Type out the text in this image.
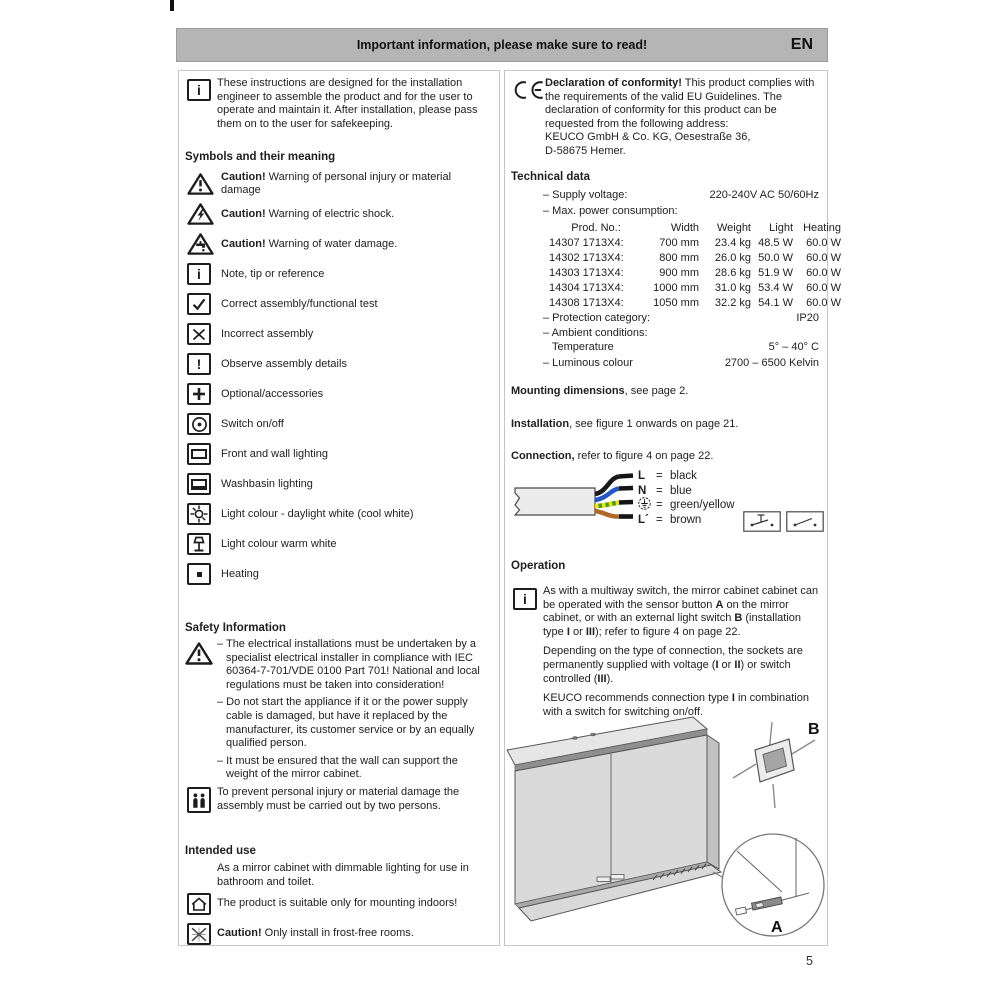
Important information, please make sure to read!	EN
i These instructions are designed for the installation engineer to assemble the product and for the user to operate and maintain it. After installation, please pass them on to the user for safekeeping.
Symbols and their meaning
Caution! Warning of personal injury or material damage
Caution! Warning of electric shock.
Caution! Warning of water damage.
i Note, tip or reference
Correct assembly/functional test
Incorrect assembly
! Observe assembly details
Optional/accessories
Switch on/off
Front and wall lighting
Washbasin lighting
Light colour - daylight white (cool white)
Light colour warm white
Heating
Safety Information
– The electrical installations must be undertaken by a specialist electrical installer in compliance with IEC 60364-7-701/VDE 0100 Part 701! National and local regulations must be taken into consideration!
– Do not start the appliance if it or the power supply cable is damaged, but have it replaced by the manufacturer, its customer service or by an equally qualified person.
– It must be ensured that the wall can support the weight of the mirror cabinet.
To prevent personal injury or material damage the assembly must be carried out by two persons.
Intended use
As a mirror cabinet with dimmable lighting for use in bathroom and toilet.
The product is suitable only for mounting indoors!
Caution! Only install in frost-free rooms.
Declaration of conformity! This product complies with the requirements of the valid EU Guidelines. The declaration of conformity for this product can be requested from the following address:
KEUCO GmbH & Co. KG, Oesestraße 36,
D-58675 Hemer.
Technical data
– Supply voltage:	220-240V AC 50/60Hz
– Max. power consumption:
Prod. No.:	Width	Weight	Light Heating
14307 1713X4:	700 mm	23.4 kg 48.5 W	60.0 W
14302 1713X4:	800 mm	26.0 kg 50.0 W	60.0 W
14303 1713X4:	900 mm	28.6 kg 51.9 W	60.0 W
14304 1713X4:	1000 mm	31.0 kg 53.4 W	60.0 W
14308 1713X4:	1050 mm	32.2 kg 54.1 W	60.0 W
– Protection category:	IP20
– Ambient conditions:
Temperature	5° – 40° C
– Luminous colour	2700 – 6500 Kelvin
Mounting dimensions, see page 2.
Installation, see figure 1 onwards on page 21.
Connection, refer to figure 4 on page 22.
L = black
N = blue
= green/yellow
L´ = brown
Operation
i As with a multiway switch, the mirror cabinet cabinet can be operated with the sensor button A on the mirror cabinet, or with an external light switch B (installation type I or III); refer to figure 4 on page 22.

Depending on the type of connection, the sockets are permanently supplied with voltage (I or II) or switch controlled (III).

KEUCO recommends connection type I in combination with a switch for switching on/off.

B
A
5
